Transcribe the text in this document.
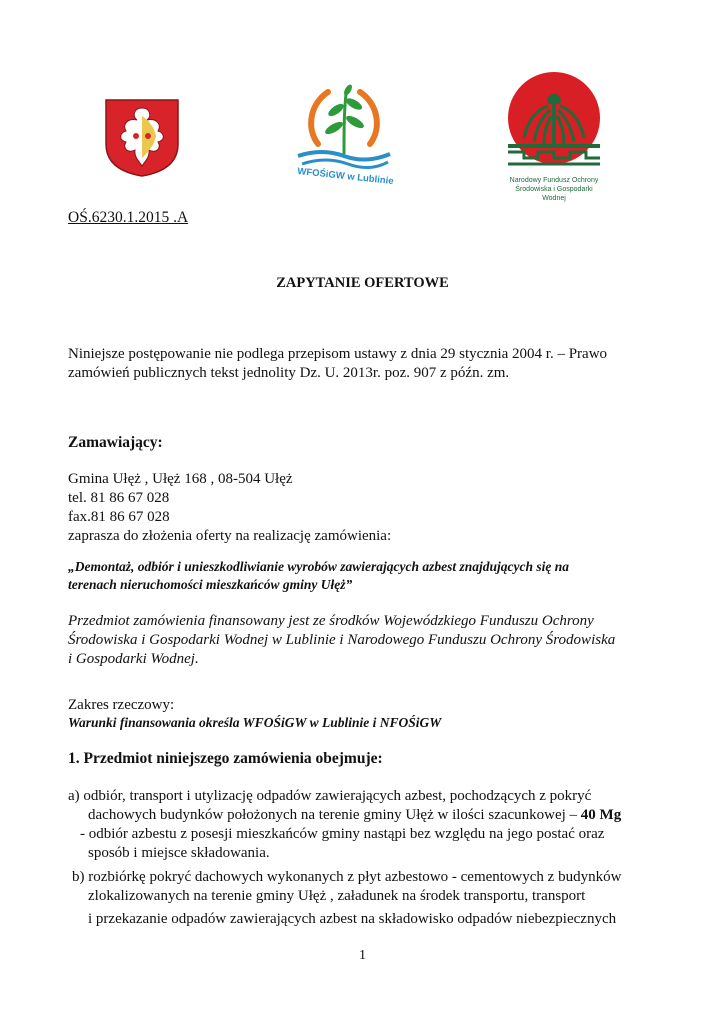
WFOŚiGW w Lublinie	Narodowy Fundusz Ochrony Środowiska i Gospodarki Wodnej
OŚ.6230.1.2015 .A
ZAPYTANIE OFERTOWE
Niniejsze postępowanie nie podlega przepisom ustawy z dnia 29 stycznia 2004 r. – Prawo
zamówień publicznych tekst jednolity Dz. U. 2013r. poz. 907 z późn. zm.
Zamawiający:
Gmina Ułęż , Ułęż 168 , 08-504 Ułęż
tel. 81 86 67 028
fax.81 86 67 028
zaprasza do złożenia oferty na realizację zamówienia:
„Demontaż, odbiór i unieszkodliwianie wyrobów zawierających azbest znajdujących się na
terenach nieruchomości mieszkańców gminy Ułęż”
Przedmiot zamówienia finansowany jest ze środków Wojewódzkiego Funduszu Ochrony
Środowiska i Gospodarki Wodnej w Lublinie i Narodowego Funduszu Ochrony Środowiska
i Gospodarki Wodnej.
Zakres rzeczowy:
Warunki finansowania określa WFOŚiGW w Lublinie i NFOŚiGW
1. Przedmiot niniejszego zamówienia obejmuje:
a) odbiór, transport i utylizację odpadów zawierających azbest, pochodzących z pokryć
dachowych budynków położonych na terenie gminy Ułęż w ilości szacunkowej – 40 Mg
- odbiór azbestu z posesji mieszkańców gminy nastąpi bez względu na jego postać oraz
sposób i miejsce składowania.
b) rozbiórkę pokryć dachowych wykonanych z płyt azbestowo - cementowych z budynków
zlokalizowanych na terenie gminy Ułęż , załadunek na środek transportu, transport
i przekazanie odpadów zawierających azbest na składowisko odpadów niebezpiecznych
1
